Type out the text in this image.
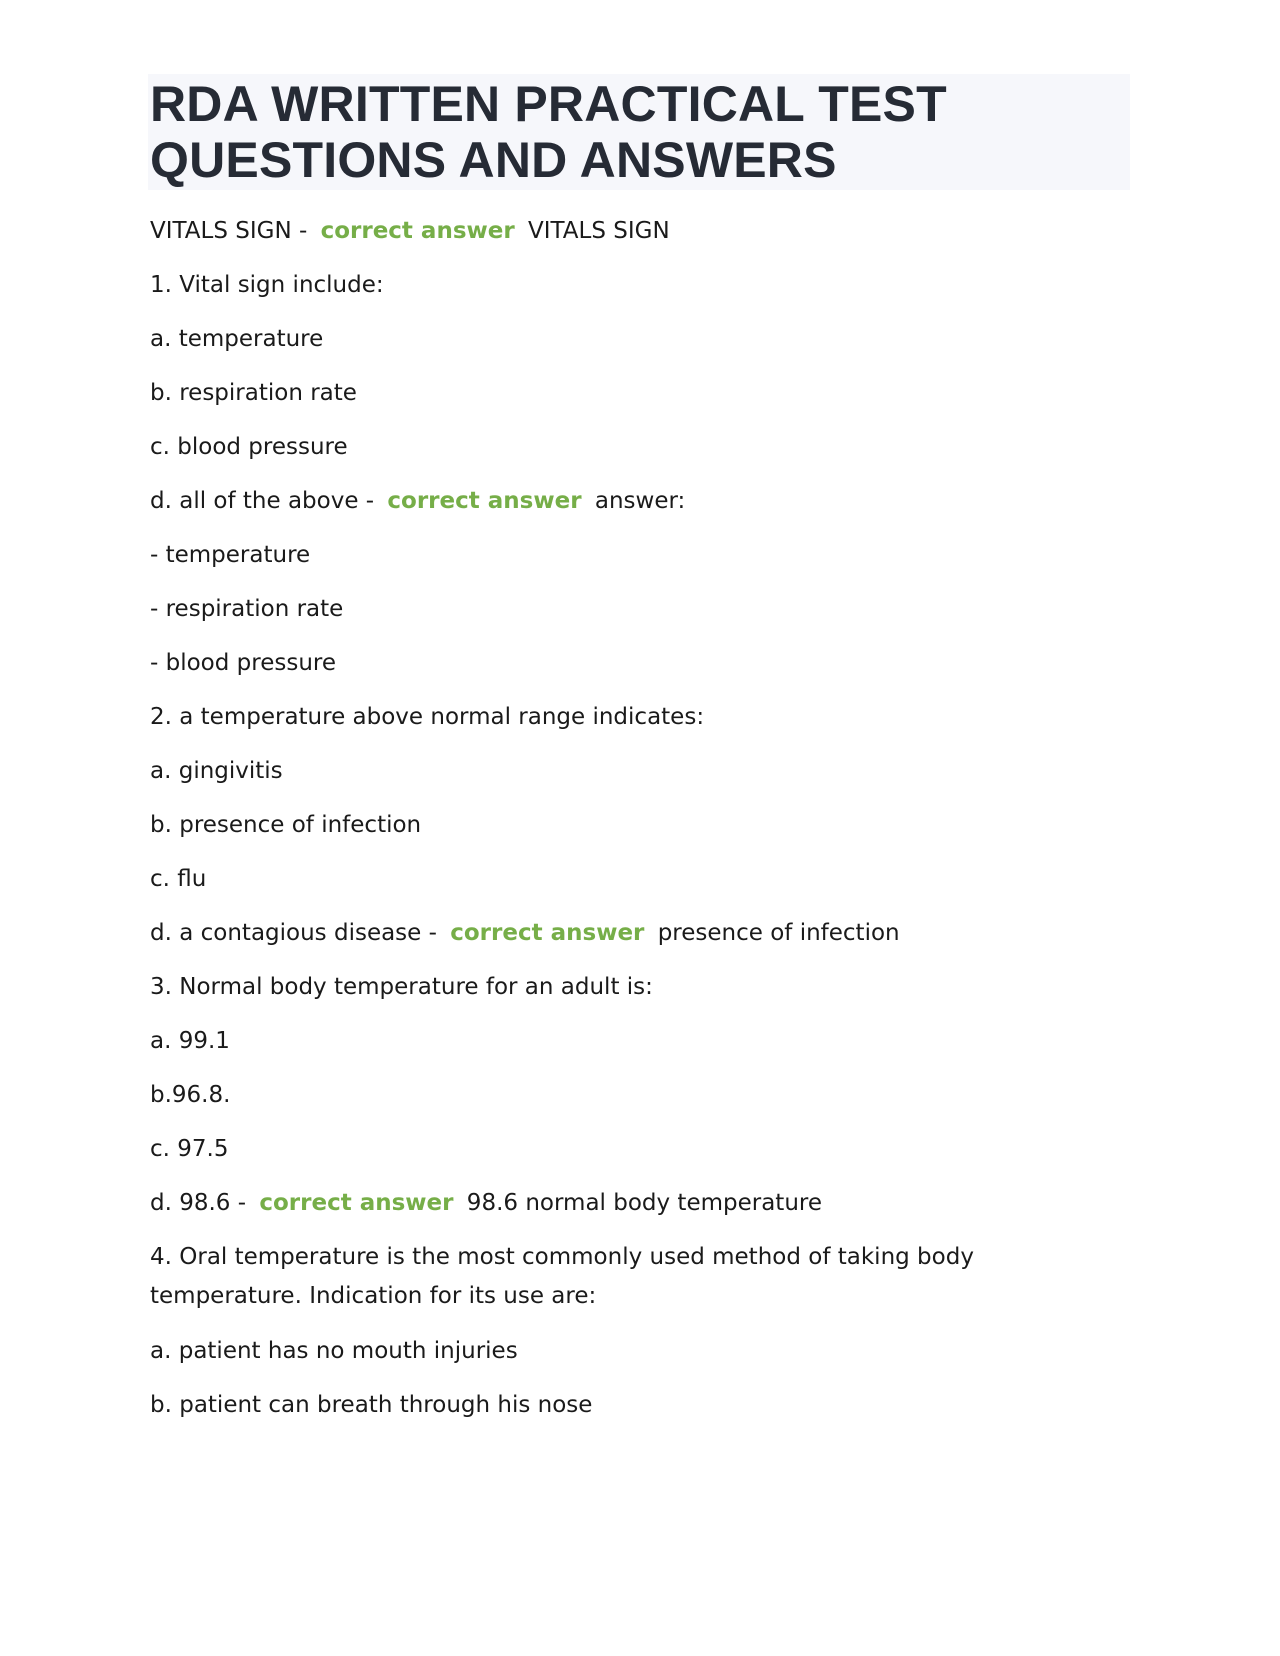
RDA WRITTEN PRACTICAL TEST
QUESTIONS AND ANSWERS

VITALS SIGN - correct answer VITALS SIGN

1. Vital sign include:

a. temperature

b. respiration rate

c. blood pressure

d. all of the above - correct answer answer:

- temperature

- respiration rate

- blood pressure

2. a temperature above normal range indicates:

a. gingivitis

b. presence of infection

c. flu

d. a contagious disease - correct answer presence of infection

3. Normal body temperature for an adult is:

a. 99.1

b.96.8.

c. 97.5

d. 98.6 - correct answer 98.6 normal body temperature

4. Oral temperature is the most commonly used method of taking body

temperature. Indication for its use are:

a. patient has no mouth injuries

b. patient can breath through his nose
